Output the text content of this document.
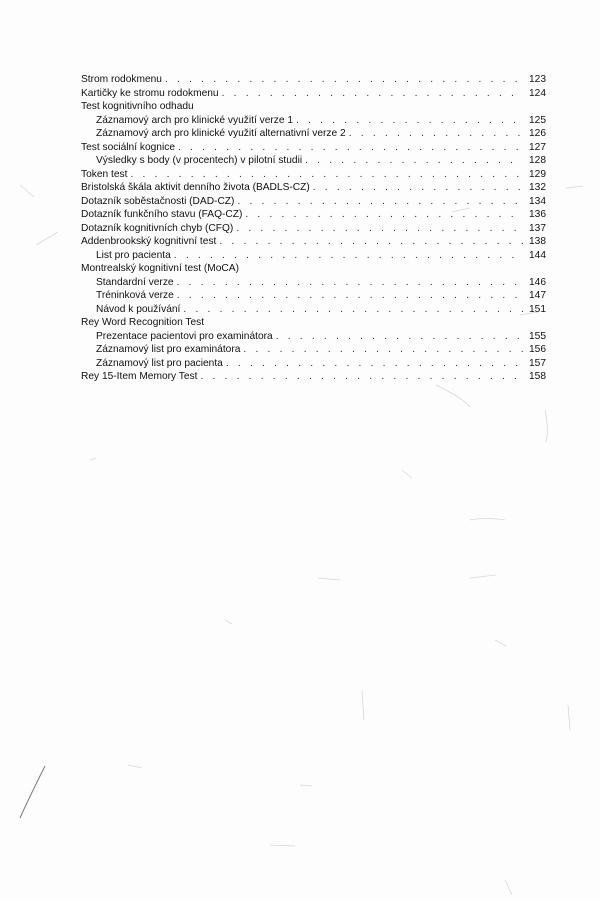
Strom rodokmenu . . .	123
Kartičky ke stromu rodokmenu . . .	124
Test kognitivního odhadu
Záznamový arch pro klinické využití verze 1 . . .	125
Záznamový arch pro klinické využití alternativní verze 2 . . .	126
Test sociální kognice . . .	127
Výsledky s body (v procentech) v pilotní studii . . .	128
Token test . . .	129
Bristolská škála aktivit denního života (BADLS-CZ) . . .	132
Dotazník soběstačnosti (DAD-CZ) . . .	134
Dotazník funkčního stavu (FAQ-CZ) . . .	136
Dotazník kognitivních chyb (CFQ) . . .	137
Addenbrookský kognitivní test . . .	138
List pro pacienta . . .	144
Montrealský kognitivní test (MoCA)
Standardní verze . . .	146
Tréninková verze . . .	147
Návod k používání . . .	151
Rey Word Recognition Test
Prezentace pacientovi pro examinátora . . .	155
Záznamový list pro examinátora . . .	156
Záznamový list pro pacienta . . .	157
Rey 15-Item Memory Test . . .	158
